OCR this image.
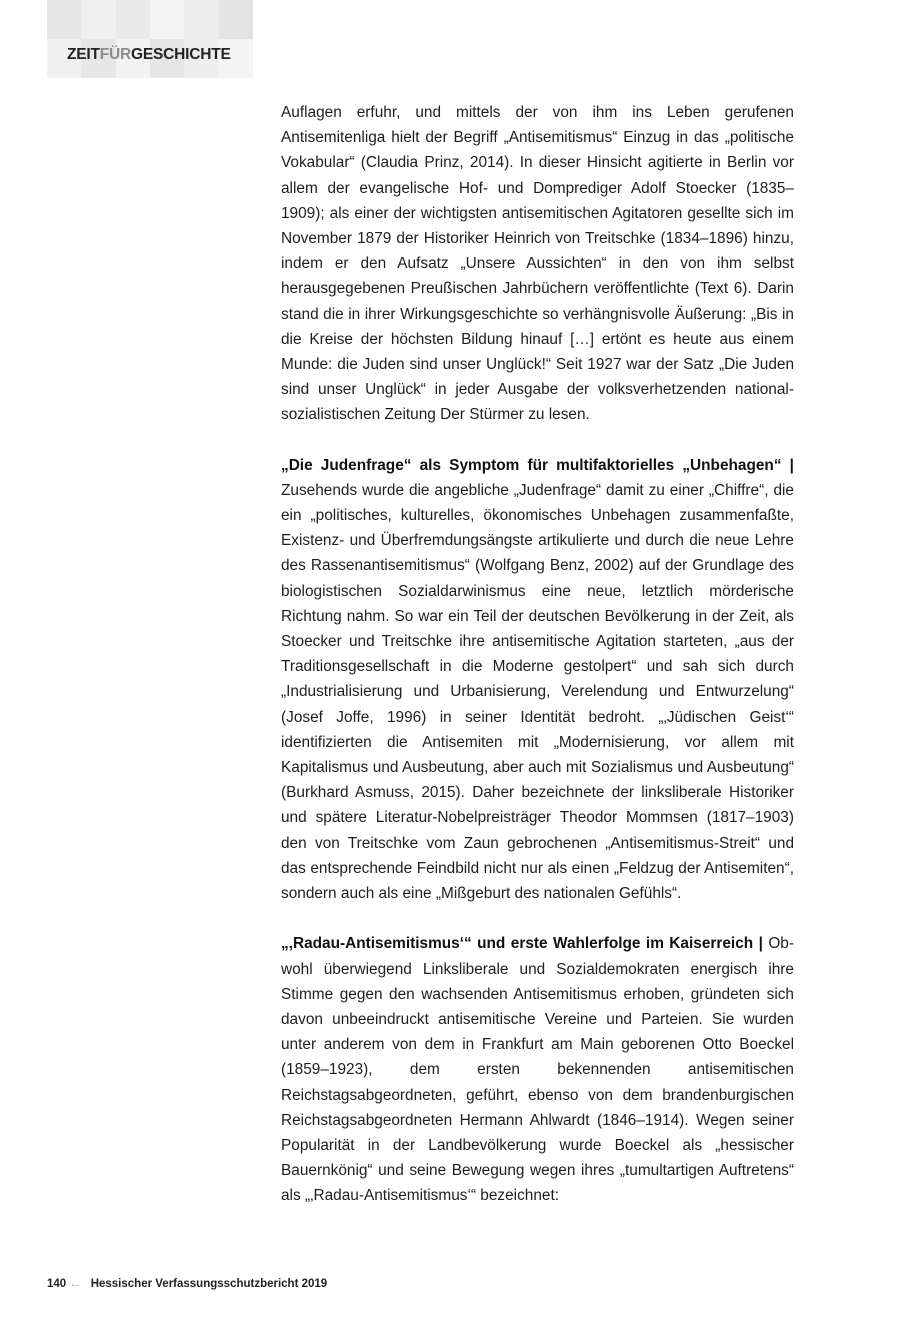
ZEITFÜRGESCHICHTE

Auflagen erfuhr, und mittels der von ihm ins Leben gerufenen Antisemitenliga hielt der Begriff „Antisemitismus“ Einzug in das „politische Vokabular“ (Claudia Prinz, 2014). In dieser Hinsicht agitierte in Berlin vor allem der evangelische Hof- und Domprediger Adolf Stoecker (1835–1909); als einer der wichtigsten antisemitischen Agitatoren gesellte sich im November 1879 der Historiker Heinrich von Treitschke (1834–1896) hinzu, indem er den Aufsatz „Unsere Aussichten“ in den von ihm selbst herausgegebenen Preußischen Jahrbüchern veröffentlichte (Text 6). Darin stand die in ihrer Wirkungsgeschichte so verhängnisvolle Äußerung: „Bis in die Kreise der höchsten Bildung hinauf […] ertönt es heute aus einem Munde: die Juden sind unser Unglück!“ Seit 1927 war der Satz „Die Juden sind unser Unglück“ in jeder Ausgabe der volksverhetzenden nationalsozialistischen Zeitung Der Stürmer zu lesen.

„Die Judenfrage“ als Symptom für multifaktorielles „Unbehagen“ | Zusehends wurde die angebliche „Judenfrage“ damit zu einer „Chiffre“, die ein „politisches, kulturelles, ökonomisches Unbehagen zusammenfaßte, Existenz- und Überfremdungsängste artikulierte und durch die neue Lehre des Rassenantisemitismus“ (Wolfgang Benz, 2002) auf der Grundlage des biologistischen Sozialdarwinismus eine neue, letztlich mörderische Richtung nahm. So war ein Teil der deutschen Bevölkerung in der Zeit, als Stoecker und Treitschke ihre antisemitische Agitation starteten, „aus der Traditionsgesellschaft in die Moderne gestolpert“ und sah sich durch „Industrialisierung und Urbanisierung, Verelendung und Entwurzelung“ (Josef Joffe, 1996) in seiner Identität bedroht. „‚Jüdischen Geist‘“ identifizierten die Antisemiten mit „Modernisierung, vor allem mit Kapitalismus und Ausbeutung, aber auch mit Sozialismus und Ausbeutung“ (Burkhard Asmuss, 2015). Daher bezeichnete der linksliberale Historiker und spätere Literatur-Nobelpreisträger Theodor Mommsen (1817–1903) den von Treitschke vom Zaun gebrochenen „Antisemitismus-Streit“ und das entsprechende Feindbild nicht nur als einen „Feldzug der Antisemiten“, sondern auch als eine „Mißgeburt des nationalen Gefühls“.

„‚Radau-Antisemitismus‘“ und erste Wahlerfolge im Kaiserreich | Obwohl überwiegend Linksliberale und Sozialdemokraten energisch ihre Stimme gegen den wachsenden Antisemitismus erhoben, gründeten sich davon unbeeindruckt antisemitische Vereine und Parteien. Sie wurden unter anderem von dem in Frankfurt am Main geborenen Otto Boeckel (1859–1923), dem ersten bekennenden antisemitischen Reichstagsabgeordneten, geführt, ebenso von dem brandenburgischen Reichstagsabgeordneten Hermann Ahlwardt (1846–1914). Wegen seiner Popularität in der Landbevölkerung wurde Boeckel als „hessischer Bauernkönig“ und seine Bewegung wegen ihres „tumultartigen Auftretens“ als „‚Radau-Antisemitismus‘“ bezeichnet:

140 ← Hessischer Verfassungsschutzbericht 2019
